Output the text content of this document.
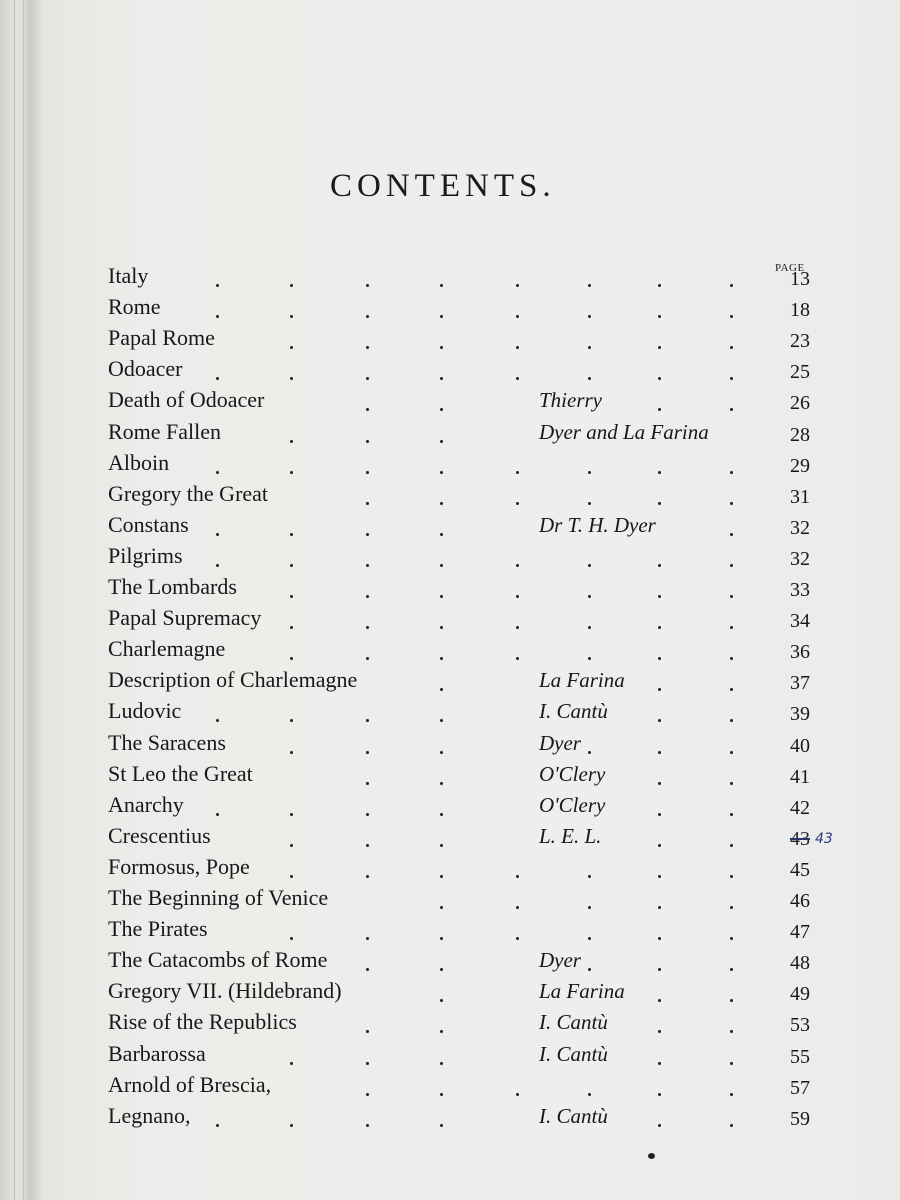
CONTENTS.
PAGE
Italy	13
Rome	18
Papal Rome	23
Odoacer	25
Death of Odoacer	Thierry	26
Rome Fallen	Dyer and La Farina	28
Alboin	29
Gregory the Great	31
Constans	Dr T. H. Dyer	32
Pilgrims	32
The Lombards	33
Papal Supremacy	34
Charlemagne	36
Description of Charlemagne	La Farina	37
Ludovic	I. Cantù	39
The Saracens	Dyer	40
St Leo the Great	O'Clery	41
Anarchy	O'Clery	42
Crescentius	L. E. L.	43 43
Formosus, Pope	45
The Beginning of Venice	46
The Pirates	47
The Catacombs of Rome	Dyer	48
Gregory VII. (Hildebrand)	La Farina	49
Rise of the Republics	I. Cantù	53
Barbarossa	I. Cantù	55
Arnold of Brescia,	57
Legnano,	I. Cantù	59
